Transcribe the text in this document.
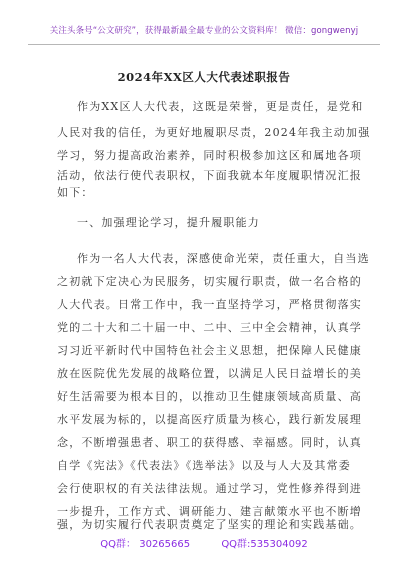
关注头条号“公文研究”，获得最新最全最专业的公文资料库！ 微信：gongwenyj
2024年XX区人大代表述职报告
作为XX区人大代表，这既是荣誉，更是责任，是党和
人民对我的信任，为更好地履职尽责，2024年我主动加强
学习，努力提高政治素养，同时积极参加这区和属地各项
活动，依法行使代表职权，下面我就本年度履职情况汇报
如下：
一、加强理论学习，提升履职能力
作为一名人大代表，深感使命光荣，责任重大，自当选
之初就下定决心为民服务，切实履行职责，做一名合格的
人大代表。日常工作中，我一直坚持学习，严格贯彻落实
党的二十大和二十届一中、二中、三中全会精神，认真学
习习近平新时代中国特色社会主义思想，把保障人民健康
放在医院优先发展的战略位置，以满足人民日益增长的美
好生活需要为根本目的，以推动卫生健康领域高质量、高
水平发展为标的，以提高医疗质量为核心，践行新发展理
念，不断增强患者、职工的获得感、幸福感。同时，认真
自学《宪法》《代表法》《选举法》以及与人大及其常委
会行使职权的有关法律法规。通过学习，党性修养得到进
一步提升，工作方式、调研能力、建言献策水平也不断增
强，为切实履行代表职责奠定了坚实的理论和实践基础。
QQ群： 30265665	QQ群:535304092
